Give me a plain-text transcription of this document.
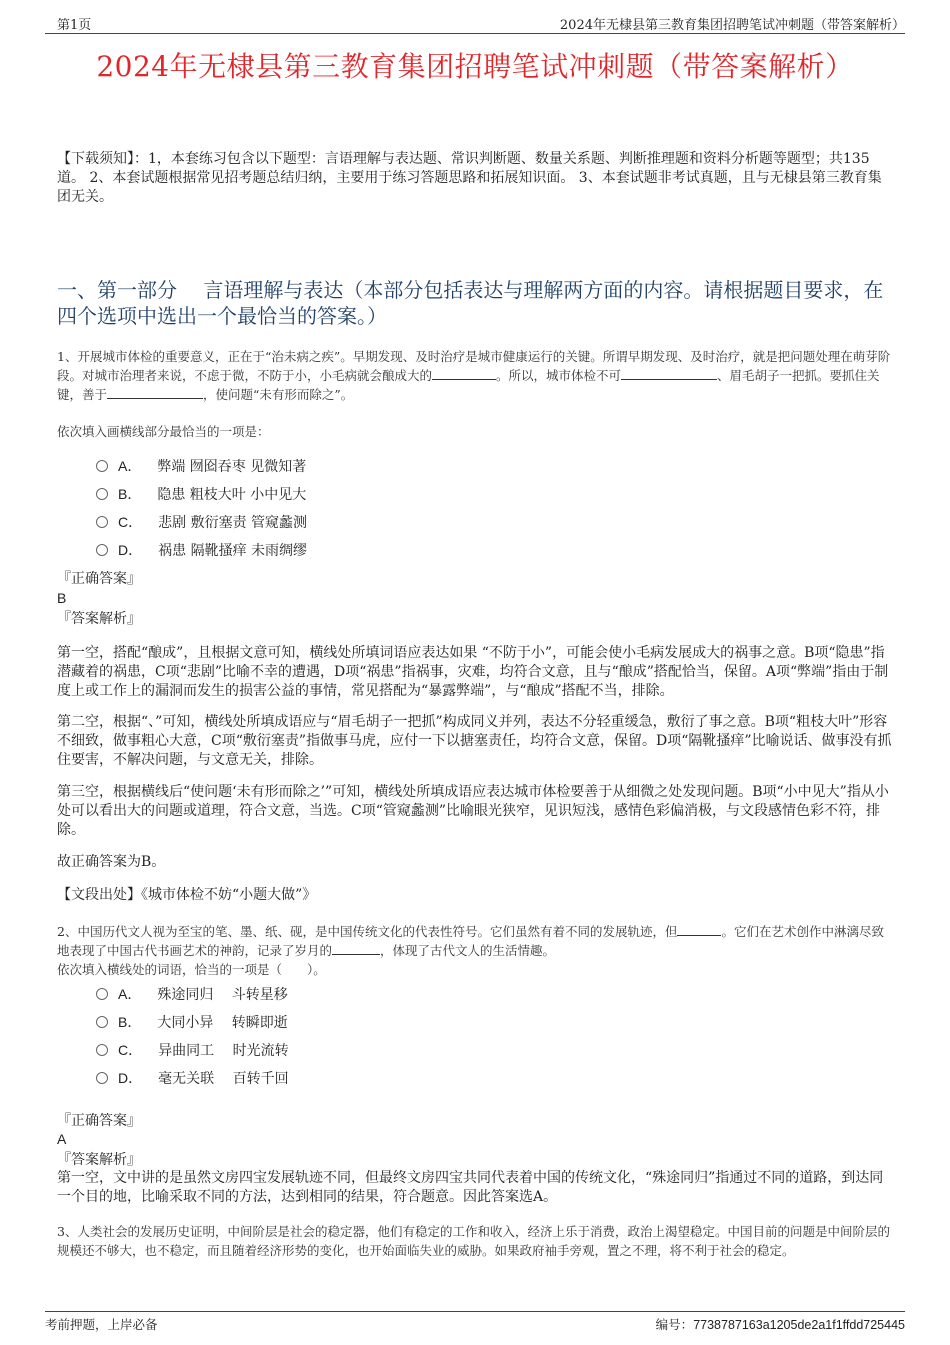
第1页	2024年无棣县第三教育集团招聘笔试冲刺题（带答案解析）
2024年无棣县第三教育集团招聘笔试冲刺题（带答案解析）
【下载须知】：1，本套练习包含以下题型：言语理解与表达题、常识判断题、数量关系题、判断推理题和资料分析题等题型；共135道。 2、本套试题根据常见招考题总结归纳，主要用于练习答题思路和拓展知识面。 3、本套试题非考试真题，且与无棣县第三教育集团无关。
一、第一部分　 言语理解与表达（本部分包括表达与理解两方面的内容。请根据题目要求，在四个选项中选出一个最恰当的答案。）
1、开展城市体检的重要意义，正在于“治未病之疾”。早期发现、及时治疗是城市健康运行的关键。所谓早期发现、及时治疗，就是把问题处理在萌芽阶段。对城市治理者来说，不虑于微，不防于小，小毛病就会酿成大的	。所以，城市体检不可	、眉毛胡子一把抓。要抓住关键，善于	，使问题“未有形而除之”。
依次填入画横线部分最恰当的一项是：
A． 弊端 囫囵吞枣 见微知著
B． 隐患 粗枝大叶 小中见大
C． 悲剧 敷衍塞责 管窥蠡测
D． 祸患 隔靴搔痒 未雨绸缪
『正确答案』
B
『答案解析』
第一空，搭配“酿成”，且根据文意可知，横线处所填词语应表达如果 “不防于小”，可能会使小毛病发展成大的祸事之意。B项“隐患”指潜藏着的祸患，C项“悲剧”比喻不幸的遭遇，D项“祸患”指祸事，灾难，均符合文意，且与“酿成”搭配恰当，保留。A项“弊端”指由于制度上或工作上的漏洞而发生的损害公益的事情，常见搭配为“暴露弊端”，与“酿成”搭配不当，排除。
第二空，根据“、”可知，横线处所填成语应与“眉毛胡子一把抓”构成同义并列，表达不分轻重缓急，敷衍了事之意。B项“粗枝大叶”形容不细致，做事粗心大意，C项“敷衍塞责”指做事马虎，应付一下以搪塞责任，均符合文意，保留。D项“隔靴搔痒”比喻说话、做事没有抓住要害，不解决问题，与文意无关，排除。
第三空，根据横线后“使问题‘未有形而除之’”可知，横线处所填成语应表达城市体检要善于从细微之处发现问题。B项“小中见大”指从小处可以看出大的问题或道理，符合文意，当选。C项“管窥蠡测”比喻眼光狭窄，见识短浅，感情色彩偏消极，与文段感情色彩不符，排除。
故正确答案为B。
【文段出处】《城市体检不妨“小题大做”》
2、中国历代文人视为至宝的笔、墨、纸、砚，是中国传统文化的代表性符号。它们虽然有着不同的发展轨迹，但	。它们在艺术创作中淋漓尽致地表现了中国古代书画艺术的神韵，记录了岁月的	，体现了古代文人的生活情趣。
依次填入横线处的词语，恰当的一项是（　　）。
A． 殊途同归　 斗转星移
B． 大同小异　 转瞬即逝
C． 异曲同工　 时光流转
D． 毫无关联　 百转千回
『正确答案』
A
『答案解析』
第一空，文中讲的是虽然文房四宝发展轨迹不同，但最终文房四宝共同代表着中国的传统文化，“殊途同归”指通过不同的道路，到达同一个目的地，比喻采取不同的方法，达到相同的结果，符合题意。因此答案选A。
3、人类社会的发展历史证明，中间阶层是社会的稳定器，他们有稳定的工作和收入，经济上乐于消费，政治上渴望稳定。中国目前的问题是中间阶层的规模还不够大，也不稳定，而且随着经济形势的变化，也开始面临失业的威胁。如果政府袖手旁观，置之不理，将不利于社会的稳定。
考前押题，上岸必备	编号：7738787163a1205de2a1f1ffdd725445
